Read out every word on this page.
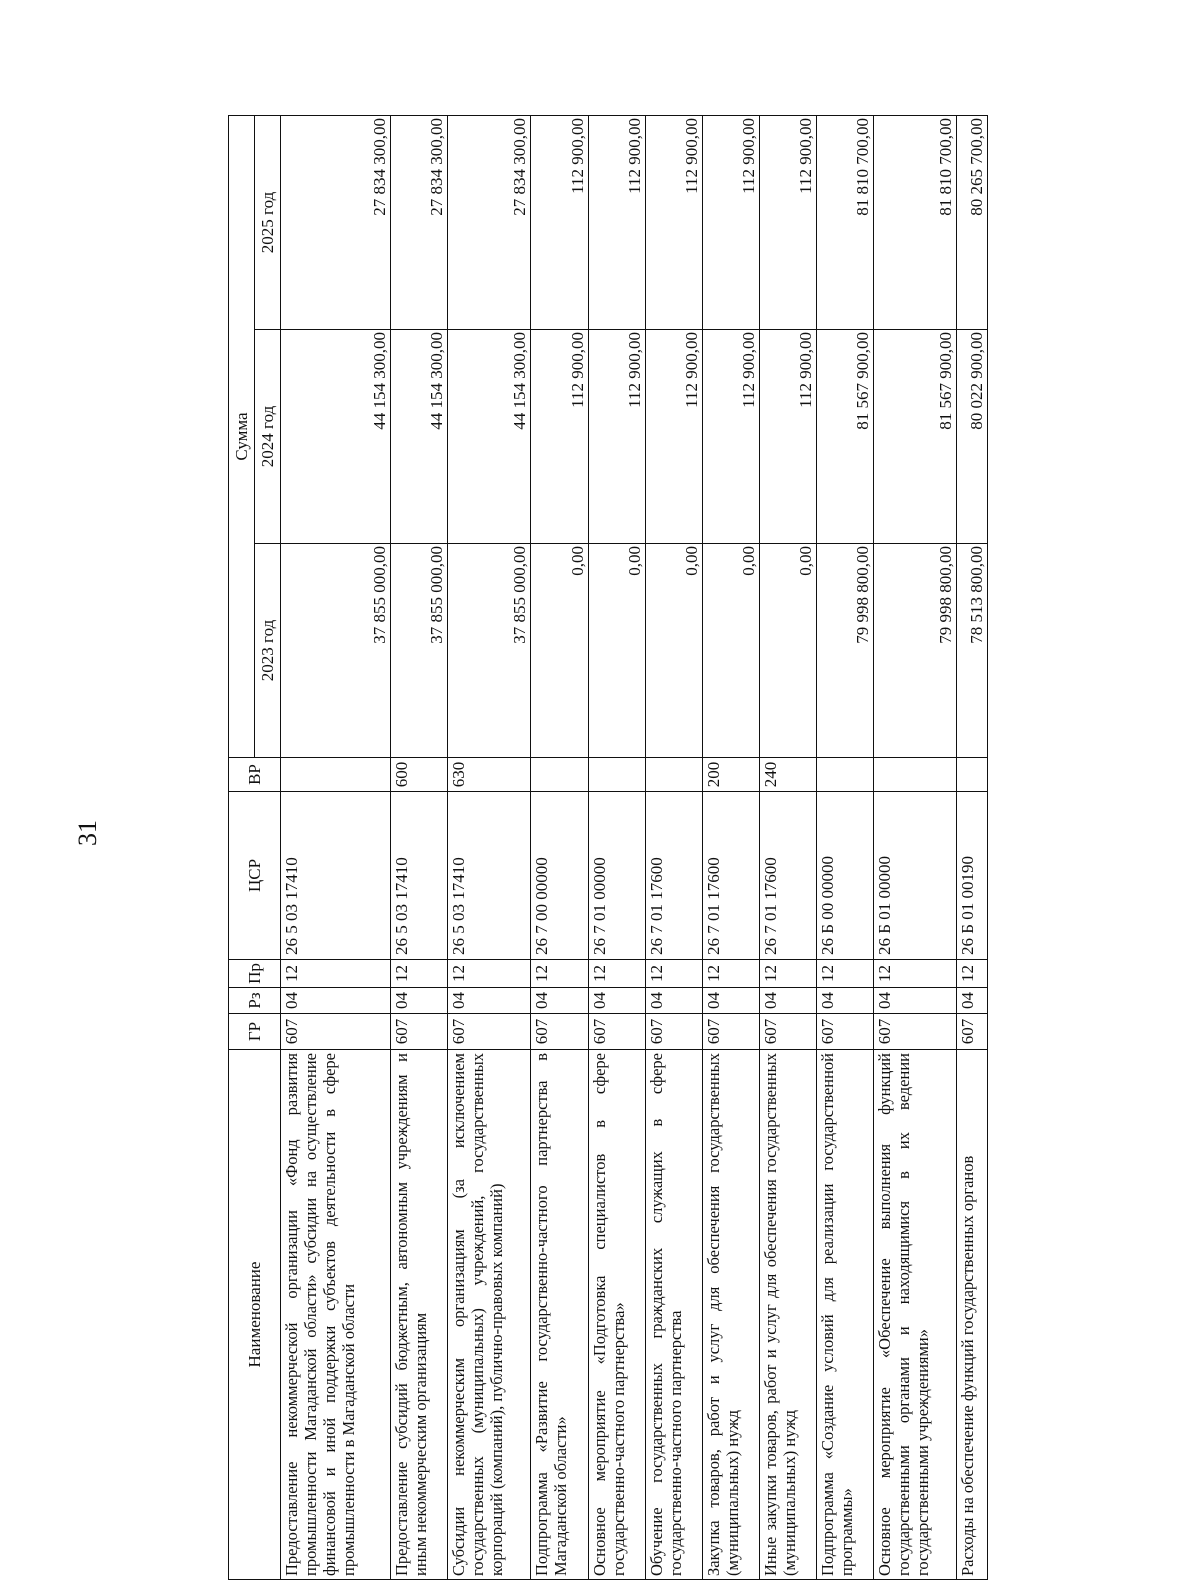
31
Наименование	ГР	Рз	Пр	ЦСР	ВР	Сумма		
						2023 год	2024 год	2025 год
Предоставление некоммерческой организации «Фонд развития промышленности Магаданской области» субсидии на осуществление финансовой и иной поддержки субъектов деятельности в сфере промышленности в Магаданской области	607	04	12	26 5 03 17410		37 855 000,00	44 154 300,00	27 834 300,00
Предоставление субсидий бюджетным, автономным учреждениям и иным некоммерческим организациям	607	04	12	26 5 03 17410	600	37 855 000,00	44 154 300,00	27 834 300,00
Субсидии некоммерческим организациям (за исключением государственных (муниципальных) учреждений, государственных корпораций (компаний), публично-правовых компаний)	607	04	12	26 5 03 17410	630	37 855 000,00	44 154 300,00	27 834 300,00
Подпрограмма «Развитие государственно-частного партнерства в Магаданской области»	607	04	12	26 7 00 00000		0,00	112 900,00	112 900,00
Основное мероприятие «Подготовка специалистов в сфере государственно-частного партнерства»	607	04	12	26 7 01 00000		0,00	112 900,00	112 900,00
Обучение государственных гражданских служащих в сфере государственно-частного партнерства	607	04	12	26 7 01 17600		0,00	112 900,00	112 900,00
Закупка товаров, работ и услуг для обеспечения государственных (муниципальных) нужд	607	04	12	26 7 01 17600	200	0,00	112 900,00	112 900,00
Иные закупки товаров, работ и услуг для обеспечения государственных (муниципальных) нужд	607	04	12	26 7 01 17600	240	0,00	112 900,00	112 900,00
Подпрограмма «Создание условий для реализации государственной программы»	607	04	12	26 Б 00 00000		79 998 800,00	81 567 900,00	81 810 700,00
Основное мероприятие «Обеспечение выполнения функций государственными органами и находящимися в их ведении государственными учреждениями»	607	04	12	26 Б 01 00000		79 998 800,00	81 567 900,00	81 810 700,00
Расходы на обеспечение функций государственных органов	607	04	12	26 Б 01 00190		78 513 800,00	80 022 900,00	80 265 700,00
